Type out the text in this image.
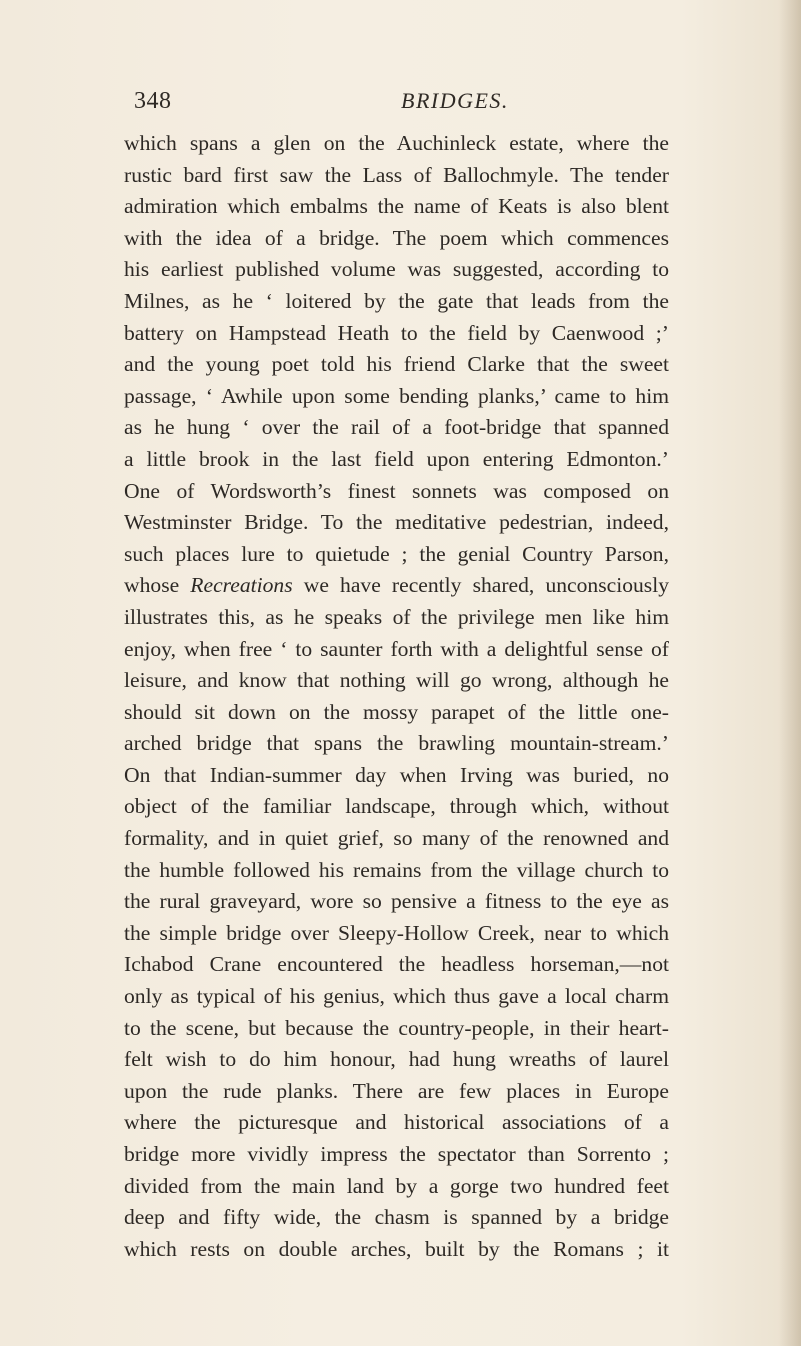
348	BRIDGES.
which spans a glen on the Auchinleck estate, where the
rustic bard first saw the Lass of Ballochmyle. The tender
admiration which embalms the name of Keats is also blent
with the idea of a bridge. The poem which commences
his earliest published volume was suggested, according to
Milnes, as he ‘ loitered by the gate that leads from the
battery on Hampstead Heath to the field by Caenwood ;’
and the young poet told his friend Clarke that the sweet
passage, ‘ Awhile upon some bending planks,’ came to him
as he hung ‘ over the rail of a foot-bridge that spanned
a little brook in the last field upon entering Edmonton.’
One of Wordsworth’s finest sonnets was composed on
Westminster Bridge. To the meditative pedestrian, indeed,
such places lure to quietude ; the genial Country Parson,
whose Recreations we have recently shared, unconsciously
illustrates this, as he speaks of the privilege men like him
enjoy, when free ‘ to saunter forth with a delightful sense of
leisure, and know that nothing will go wrong, although he
should sit down on the mossy parapet of the little one-
arched bridge that spans the brawling mountain-stream.’
On that Indian-summer day when Irving was buried, no
object of the familiar landscape, through which, without
formality, and in quiet grief, so many of the renowned and
the humble followed his remains from the village church to
the rural graveyard, wore so pensive a fitness to the eye as
the simple bridge over Sleepy-Hollow Creek, near to which
Ichabod Crane encountered the headless horseman,—not
only as typical of his genius, which thus gave a local charm
to the scene, but because the country-people, in their heart-
felt wish to do him honour, had hung wreaths of laurel
upon the rude planks. There are few places in Europe
where the picturesque and historical associations of a
bridge more vividly impress the spectator than Sorrento ;
divided from the main land by a gorge two hundred feet
deep and fifty wide, the chasm is spanned by a bridge
which rests on double arches, built by the Romans ; it
